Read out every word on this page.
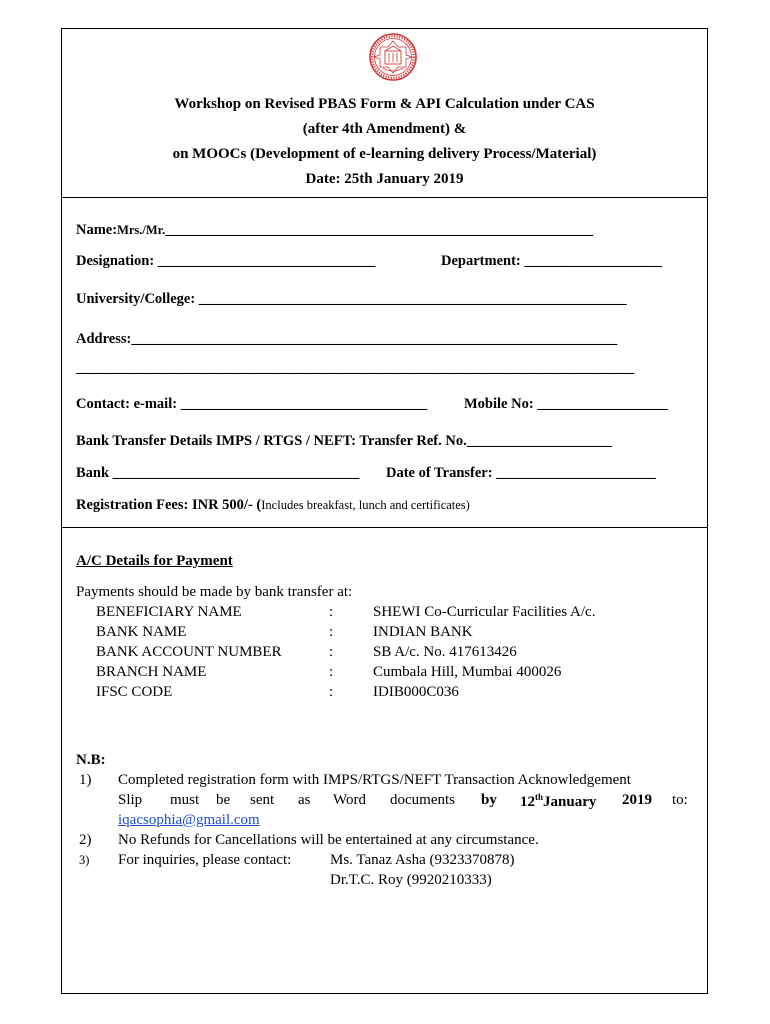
Workshop on Revised PBAS Form & API Calculation under CAS
(after 4th Amendment) &
on MOOCs (Development of e-learning delivery Process/Material)
Date: 25th January 2019
Name:Mrs./Mr.___________________________________________________________
Designation: ______________________________	Department: ___________________
University/College: ___________________________________________________________
Address:___________________________________________________________________
_____________________________________________________________________________
Contact: e-mail: __________________________________	Mobile No: __________________
Bank Transfer Details IMPS / RTGS / NEFT: Transfer Ref. No.____________________
Bank __________________________________ Date of Transfer: ______________________
Registration Fees: INR 500/- (Includes breakfast, lunch and certificates)
A/C Details for Payment
Payments should be made by bank transfer at:
BENEFICIARY NAME	:	SHEWI Co-Curricular Facilities A/c.
BANK NAME	:	INDIAN BANK
BANK ACCOUNT NUMBER	:	SB A/c. No. 417613426
BRANCH NAME	:	Cumbala Hill, Mumbai 400026
IFSC CODE	:	IDIB000C036
N.B:
1) Completed registration form with IMPS/RTGS/NEFT Transaction Acknowledgement
Slip must be sent as Word documents by 12thJanuary 2019 to:
iqacsophia@gmail.com
2) No Refunds for Cancellations will be entertained at any circumstance.
3) For inquiries, please contact:	Ms. Tanaz Asha (9323370878)
Dr.T.C. Roy (9920210333)
